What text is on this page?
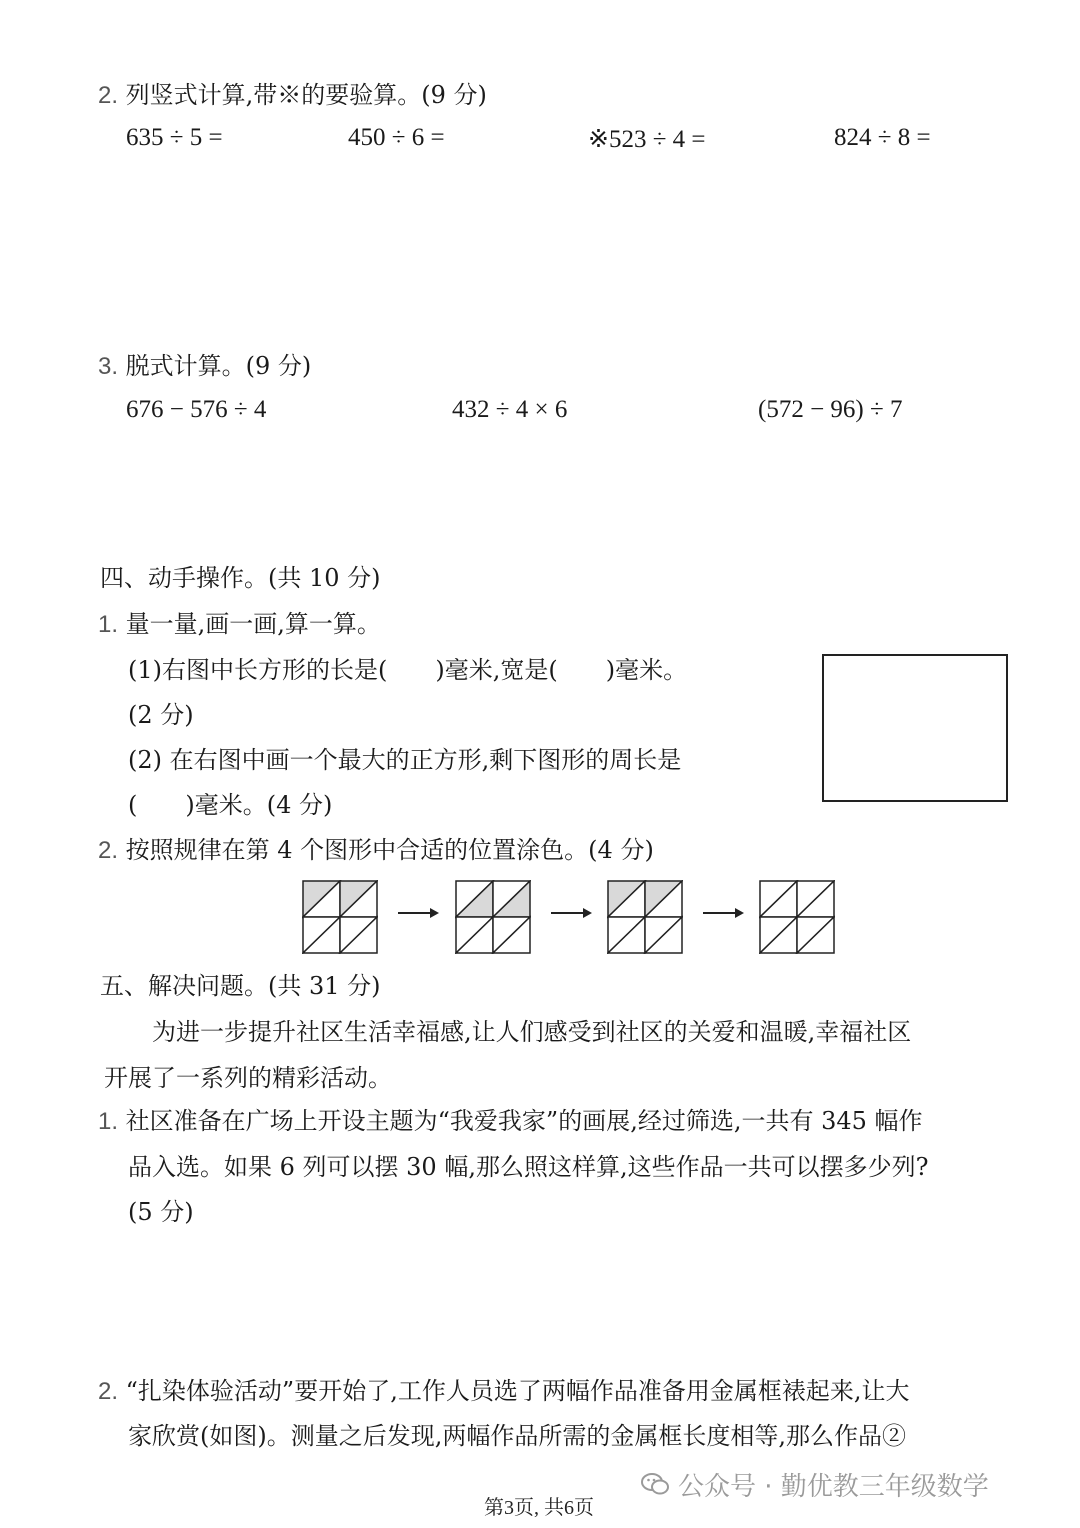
2. 列竖式计算,带※的要验算。(9 分)
635 ÷ 5 =	450 ÷ 6 =	※523 ÷ 4 =	824 ÷ 8 =
3. 脱式计算。(9 分)
676 − 576 ÷ 4	432 ÷ 4 × 6	(572 − 96) ÷ 7
四、动手操作。(共 10 分)
1. 量一量,画一画,算一算。
(1)右图中长方形的长是(　　)毫米,宽是(　　)毫米。
(2 分)
(2) 在右图中画一个最大的正方形,剩下图形的周长是
(　　)毫米。(4 分)
2. 按照规律在第 4 个图形中合适的位置涂色。(4 分)
五、解决问题。(共 31 分)
为进一步提升社区生活幸福感,让人们感受到社区的关爱和温暖,幸福社区
开展了一系列的精彩活动。
1. 社区准备在广场上开设主题为“我爱我家”的画展,经过筛选,一共有 345 幅作
品入选。如果 6 列可以摆 30 幅,那么照这样算,这些作品一共可以摆多少列?
(5 分)
2. “扎染体验活动”要开始了,工作人员选了两幅作品准备用金属框裱起来,让大
家欣赏(如图)。测量之后发现,两幅作品所需的金属框长度相等,那么作品②
公众号 · 勤优教三年级数学
第3页, 共6页
